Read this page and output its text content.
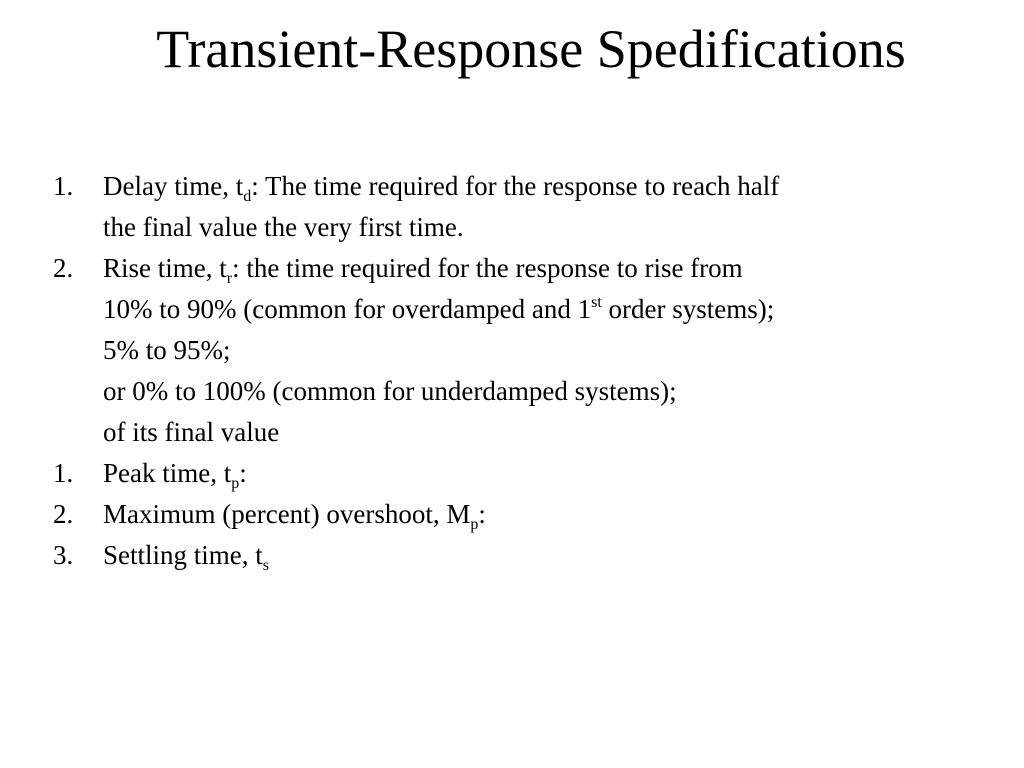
Transient-Response Spedifications
1. Delay time, $t_d$: The time required for the response to reach half
the final value the very first time.
2. Rise time, $t_r$: the time required for the response to rise from
10% to 90% (common for overdamped and 1st order systems);
5% to 95%;
or 0% to 100% (common for underdamped systems);
of its final value
1. Peak time, $t_p$:
2. Maximum (percent) overshoot, $M_p$:
3. Settling time, $t_s$
